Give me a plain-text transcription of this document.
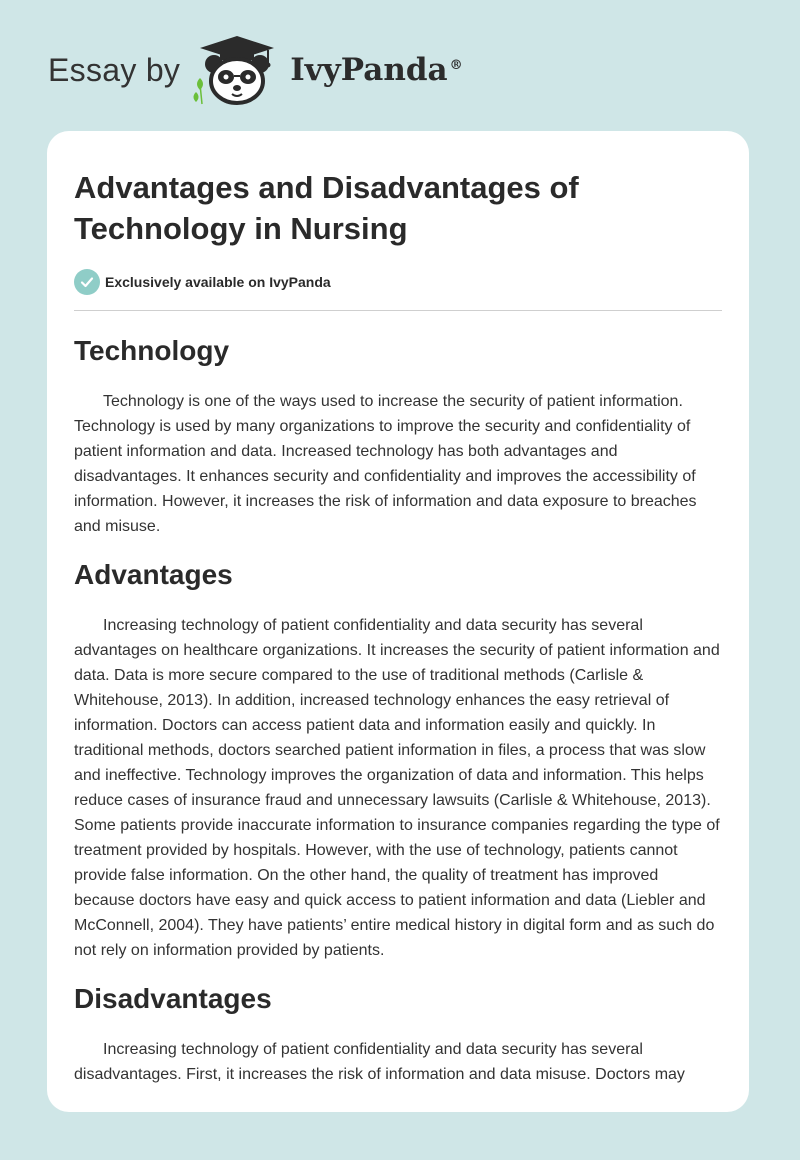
Essay by	IvyPanda ®
Advantages and Disadvantages of Technology in Nursing
Exclusively available on IvyPanda
Technology

Technology is one of the ways used to increase the security of patient information. Technology is used by many organizations to improve the security and confidentiality of patient information and data. Increased technology has both advantages and disadvantages. It enhances security and confidentiality and improves the accessibility of information. However, it increases the risk of information and data exposure to breaches and misuse.

Advantages

Increasing technology of patient confidentiality and data security has several advantages on healthcare organizations. It increases the security of patient information and data. Data is more secure compared to the use of traditional methods (Carlisle & Whitehouse, 2013). In addition, increased technology enhances the easy retrieval of information. Doctors can access patient data and information easily and quickly. In traditional methods, doctors searched patient information in files, a process that was slow and ineffective. Technology improves the organization of data and information. This helps reduce cases of insurance fraud and unnecessary lawsuits (Carlisle & Whitehouse, 2013). Some patients provide inaccurate information to insurance companies regarding the type of treatment provided by hospitals. However, with the use of technology, patients cannot provide false information. On the other hand, the quality of treatment has improved because doctors have easy and quick access to patient information and data (Liebler and McConnell, 2004). They have patients’ entire medical history in digital form and as such do not rely on information provided by patients.

Disadvantages

Increasing technology of patient confidentiality and data security has several disadvantages. First, it increases the risk of information and data misuse. Doctors may
